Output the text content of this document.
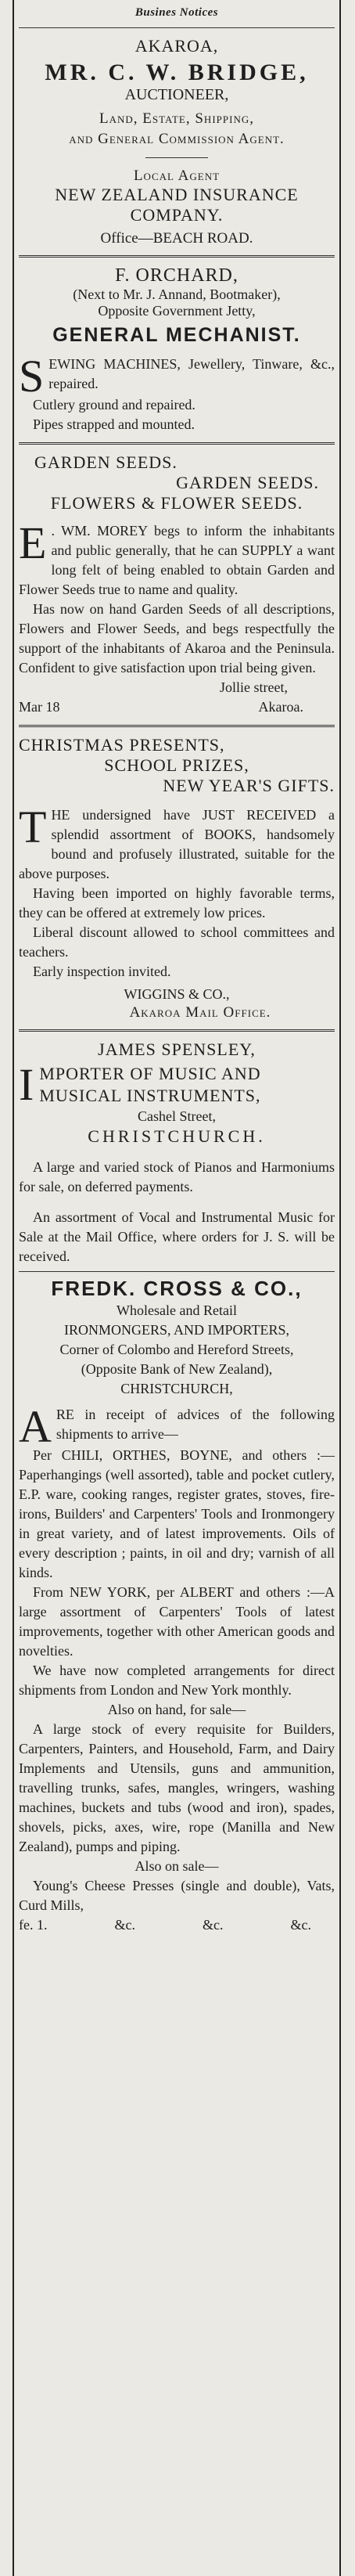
Busines Notices
AKAROA,
MR. C. W. BRIDGE,
AUCTIONEER,
Land, Estate, Shipping,
and General Commission Agent.
Local Agent
NEW ZEALAND INSURANCE
COMPANY.
Office—BEACH ROAD.
F. ORCHARD,
(Next to Mr. J. Annand, Bootmaker),
Opposite Government Jetty,
GENERAL MECHANIST.
S EWING MACHINES, Jewellery, Tinware, &c., repaired.
Cutlery ground and repaired.
Pipes strapped and mounted.
GARDEN SEEDS.
GARDEN SEEDS.
FLOWERS & FLOWER SEEDS.
E . WM. MOREY begs to inform the inhabitants and public generally, that he can SUPPLY a want long felt of being enabled to obtain Garden and Flower Seeds true to name and quality.
Has now on hand Garden Seeds of all descriptions, Flowers and Flower Seeds, and begs respectfully the support of the inhabitants of Akaroa and the Peninsula. Confident to give satisfaction upon trial being given.
Jollie street,
Mar 18	Akaroa.
CHRISTMAS PRESENTS,
SCHOOL PRIZES,
NEW YEAR'S GIFTS.
T HE undersigned have JUST RECEIVED a splendid assortment of BOOKS, handsomely bound and profusely illustrated, suitable for the above purposes.
Having been imported on highly favorable terms, they can be offered at extremely low prices.
Liberal discount allowed to school committees and teachers.
Early inspection invited.
WIGGINS & CO.,
Akaroa Mail Office.
JAMES SPENSLEY,
I MPORTER OF MUSIC AND MUSICAL INSTRUMENTS,
Cashel Street,
CHRISTCHURCH.
A large and varied stock of Pianos and Harmoniums for sale, on deferred payments.
An assortment of Vocal and Instrumental Music for Sale at the Mail Office, where orders for J. S. will be received.
FREDK. CROSS & CO.,
Wholesale and Retail
IRONMONGERS, AND IMPORTERS,
Corner of Colombo and Hereford Streets,
(Opposite Bank of New Zealand),
CHRISTCHURCH,
A RE in receipt of advices of the following shipments to arrive—
Per CHILI, ORTHES, BOYNE, and others :—Paperhangings (well assorted), table and pocket cutlery, E.P. ware, cooking ranges, register grates, stoves, fire-irons, Builders' and Carpenters' Tools and Ironmongery in great variety, and of latest improvements. Oils of every description ; paints, in oil and dry; varnish of all kinds.
From NEW YORK, per ALBERT and others :—A large assortment of Carpenters' Tools of latest improvements, together with other American goods and novelties.
We have now completed arrangements for direct shipments from London and New York monthly.
Also on hand, for sale—
A large stock of every requisite for Builders, Carpenters, Painters, and Household, Farm, and Dairy Implements and Utensils, guns and ammunition, travelling trunks, safes, mangles, wringers, washing machines, buckets and tubs (wood and iron), spades, shovels, picks, axes, wire, rope (Manilla and New Zealand), pumps and piping.
Also on sale—
Young's Cheese Presses (single and double), Vats, Curd Mills,
fe. 1.	&c.	&c.	&c.
